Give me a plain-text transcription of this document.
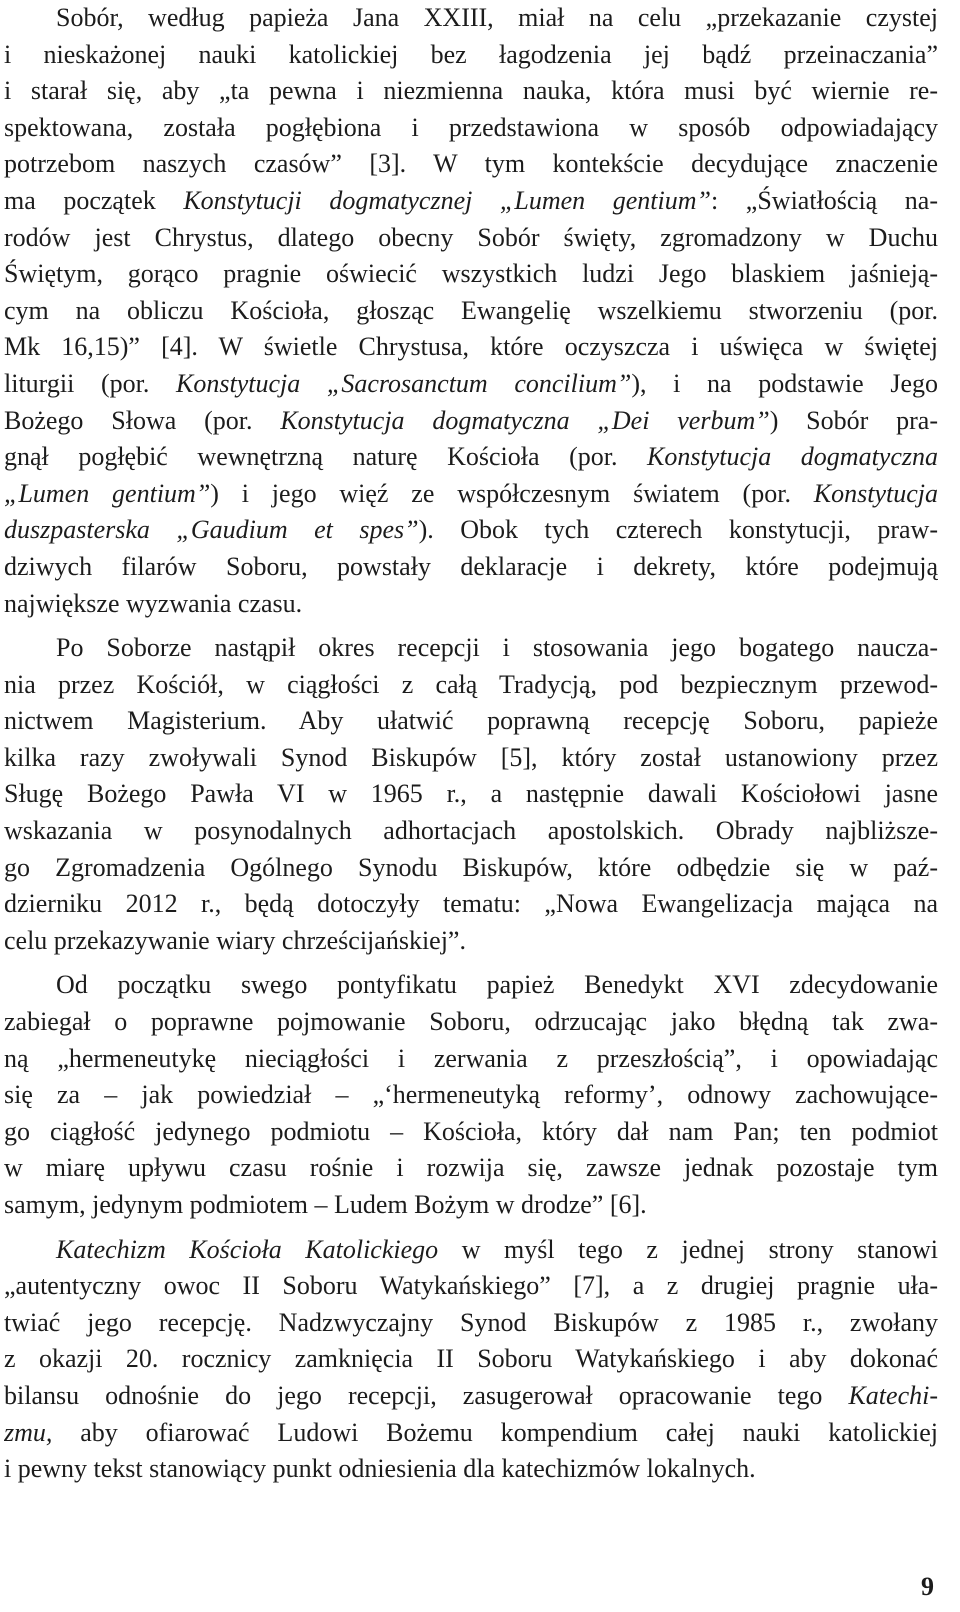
Sobór, według papieża Jana XXIII, miał na celu „przekazanie czystej
i nieskażonej nauki katolickiej bez łagodzenia jej bądź przeinaczania”
i starał się, aby „ta pewna i niezmienna nauka, która musi być wiernie re-
spektowana, została pogłębiona i przedstawiona w sposób odpowiadający
potrzebom naszych czasów” [3]. W tym kontekście decydujące znaczenie
ma początek Konstytucji dogmatycznej „Lumen gentium”: „Światłością na-
rodów jest Chrystus, dlatego obecny Sobór święty, zgromadzony w Duchu
Świętym, gorąco pragnie oświecić wszystkich ludzi Jego blaskiem jaśnieją-
cym na obliczu Kościoła, głosząc Ewangelię wszelkiemu stworzeniu (por.
Mk 16,15)” [4]. W świetle Chrystusa, które oczyszcza i uświęca w świętej
liturgii (por. Konstytucja „Sacrosanctum concilium”), i na podstawie Jego
Bożego Słowa (por. Konstytucja dogmatyczna „Dei verbum”) Sobór pra-
gnął pogłębić wewnętrzną naturę Kościoła (por. Konstytucja dogmatyczna
„Lumen gentium”) i jego więź ze współczesnym światem (por. Konstytucja
duszpasterska „Gaudium et spes”). Obok tych czterech konstytucji, praw-
dziwych filarów Soboru, powstały deklaracje i dekrety, które podejmują
największe wyzwania czasu.
Po Soborze nastąpił okres recepcji i stosowania jego bogatego naucza-
nia przez Kościół, w ciągłości z całą Tradycją, pod bezpiecznym przewod-
nictwem Magisterium. Aby ułatwić poprawną recepcję Soboru, papieże
kilka razy zwoływali Synod Biskupów [5], który został ustanowiony przez
Sługę Bożego Pawła VI w 1965 r., a następnie dawali Kościołowi jasne
wskazania w posynodalnych adhortacjach apostolskich. Obrady najbliższe-
go Zgromadzenia Ogólnego Synodu Biskupów, które odbędzie się w paź-
dzierniku 2012 r., będą dotoczyły tematu: „Nowa Ewangelizacja mająca na
celu przekazywanie wiary chrześcijańskiej”.
Od początku swego pontyfikatu papież Benedykt XVI zdecydowanie
zabiegał o poprawne pojmowanie Soboru, odrzucając jako błędną tak zwa-
ną „hermeneutykę nieciągłości i zerwania z przeszłością”, i opowiadając
się za – jak powiedział – „‘hermeneutyką reformy’, odnowy zachowujące-
go ciągłość jedynego podmiotu – Kościoła, który dał nam Pan; ten podmiot
w miarę upływu czasu rośnie i rozwija się, zawsze jednak pozostaje tym
samym, jedynym podmiotem – Ludem Bożym w drodze” [6].
Katechizm Kościoła Katolickiego w myśl tego z jednej strony stanowi
„autentyczny owoc II Soboru Watykańskiego” [7], a z drugiej pragnie uła-
twiać jego recepcję. Nadzwyczajny Synod Biskupów z 1985 r., zwołany
z okazji 20. rocznicy zamknięcia II Soboru Watykańskiego i aby dokonać
bilansu odnośnie do jego recepcji, zasugerował opracowanie tego Katechi-
zmu, aby ofiarować Ludowi Bożemu kompendium całej nauki katolickiej
i pewny tekst stanowiący punkt odniesienia dla katechizmów lokalnych.
9
